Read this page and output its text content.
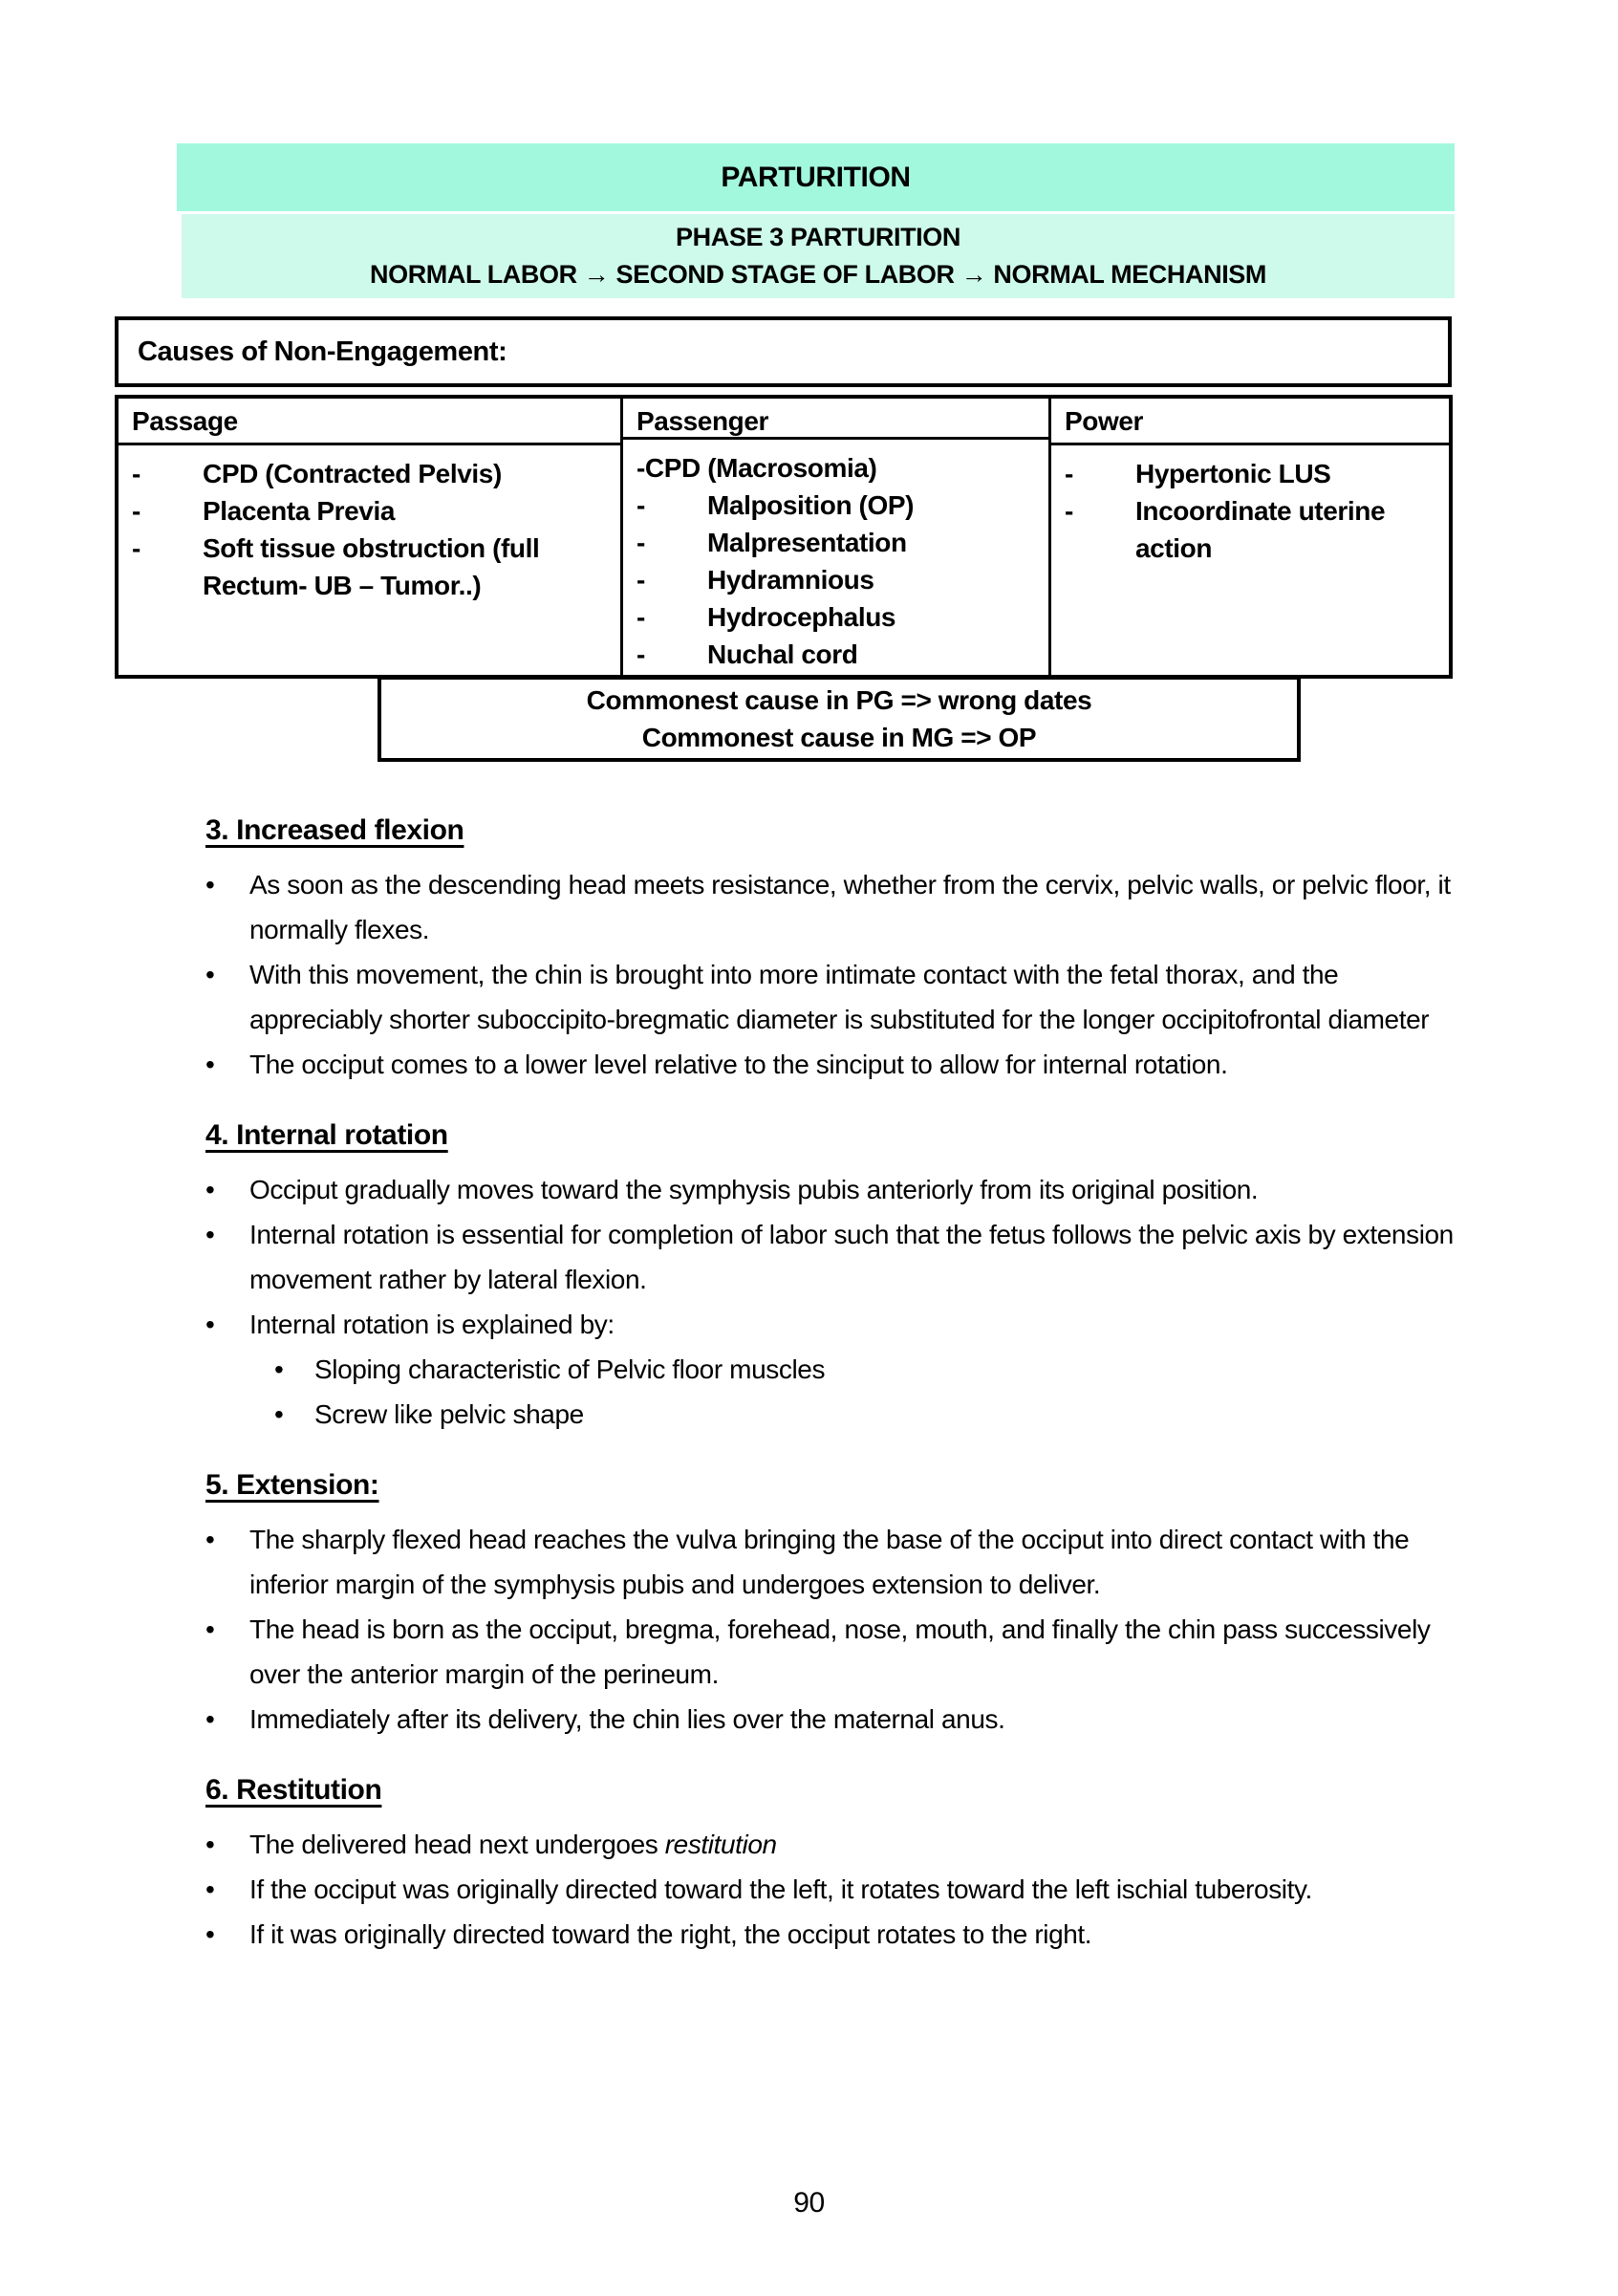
PARTURITION
PHASE 3 PARTURITION
NORMAL LABOR → SECOND STAGE OF LABOR → NORMAL MECHANISM
Causes of Non-Engagement:
Passage
-	CPD (Contracted Pelvis)
-	Placenta Previa
-	Soft tissue obstruction (full Rectum- UB – Tumor..)
Passenger
-CPD (Macrosomia)
-	Malposition (OP)
-	Malpresentation
-	Hydramnious
-	Hydrocephalus
-	Nuchal cord
Power
-	Hypertonic LUS
-	Incoordinate uterine action
Commonest cause in PG => wrong dates
Commonest cause in MG => OP
3. Increased flexion
•	As soon as the descending head meets resistance, whether from the cervix, pelvic walls, or pelvic floor, it normally flexes.
•	With this movement, the chin is brought into more intimate contact with the fetal thorax, and the appreciably shorter suboccipito-bregmatic diameter is substituted for the longer occipitofrontal diameter
•	The occiput comes to a lower level relative to the sinciput to allow for internal rotation.
4. Internal rotation
•	Occiput gradually moves toward the symphysis pubis anteriorly from its original position.
•	Internal rotation is essential for completion of labor such that the fetus follows the pelvic axis by extension movement rather by lateral flexion.
•	Internal rotation is explained by:
•	Sloping characteristic of Pelvic floor muscles
•	Screw like pelvic shape
5. Extension:
•	The sharply flexed head reaches the vulva bringing the base of the occiput into direct contact with the inferior margin of the symphysis pubis and undergoes extension to deliver.
•	The head is born as the occiput, bregma, forehead, nose, mouth, and finally the chin pass successively over the anterior margin of the perineum.
•	Immediately after its delivery, the chin lies over the maternal anus.
6. Restitution
•	The delivered head next undergoes restitution
•	If the occiput was originally directed toward the left, it rotates toward the left ischial tuberosity.
•	If it was originally directed toward the right, the occiput rotates to the right.
90
